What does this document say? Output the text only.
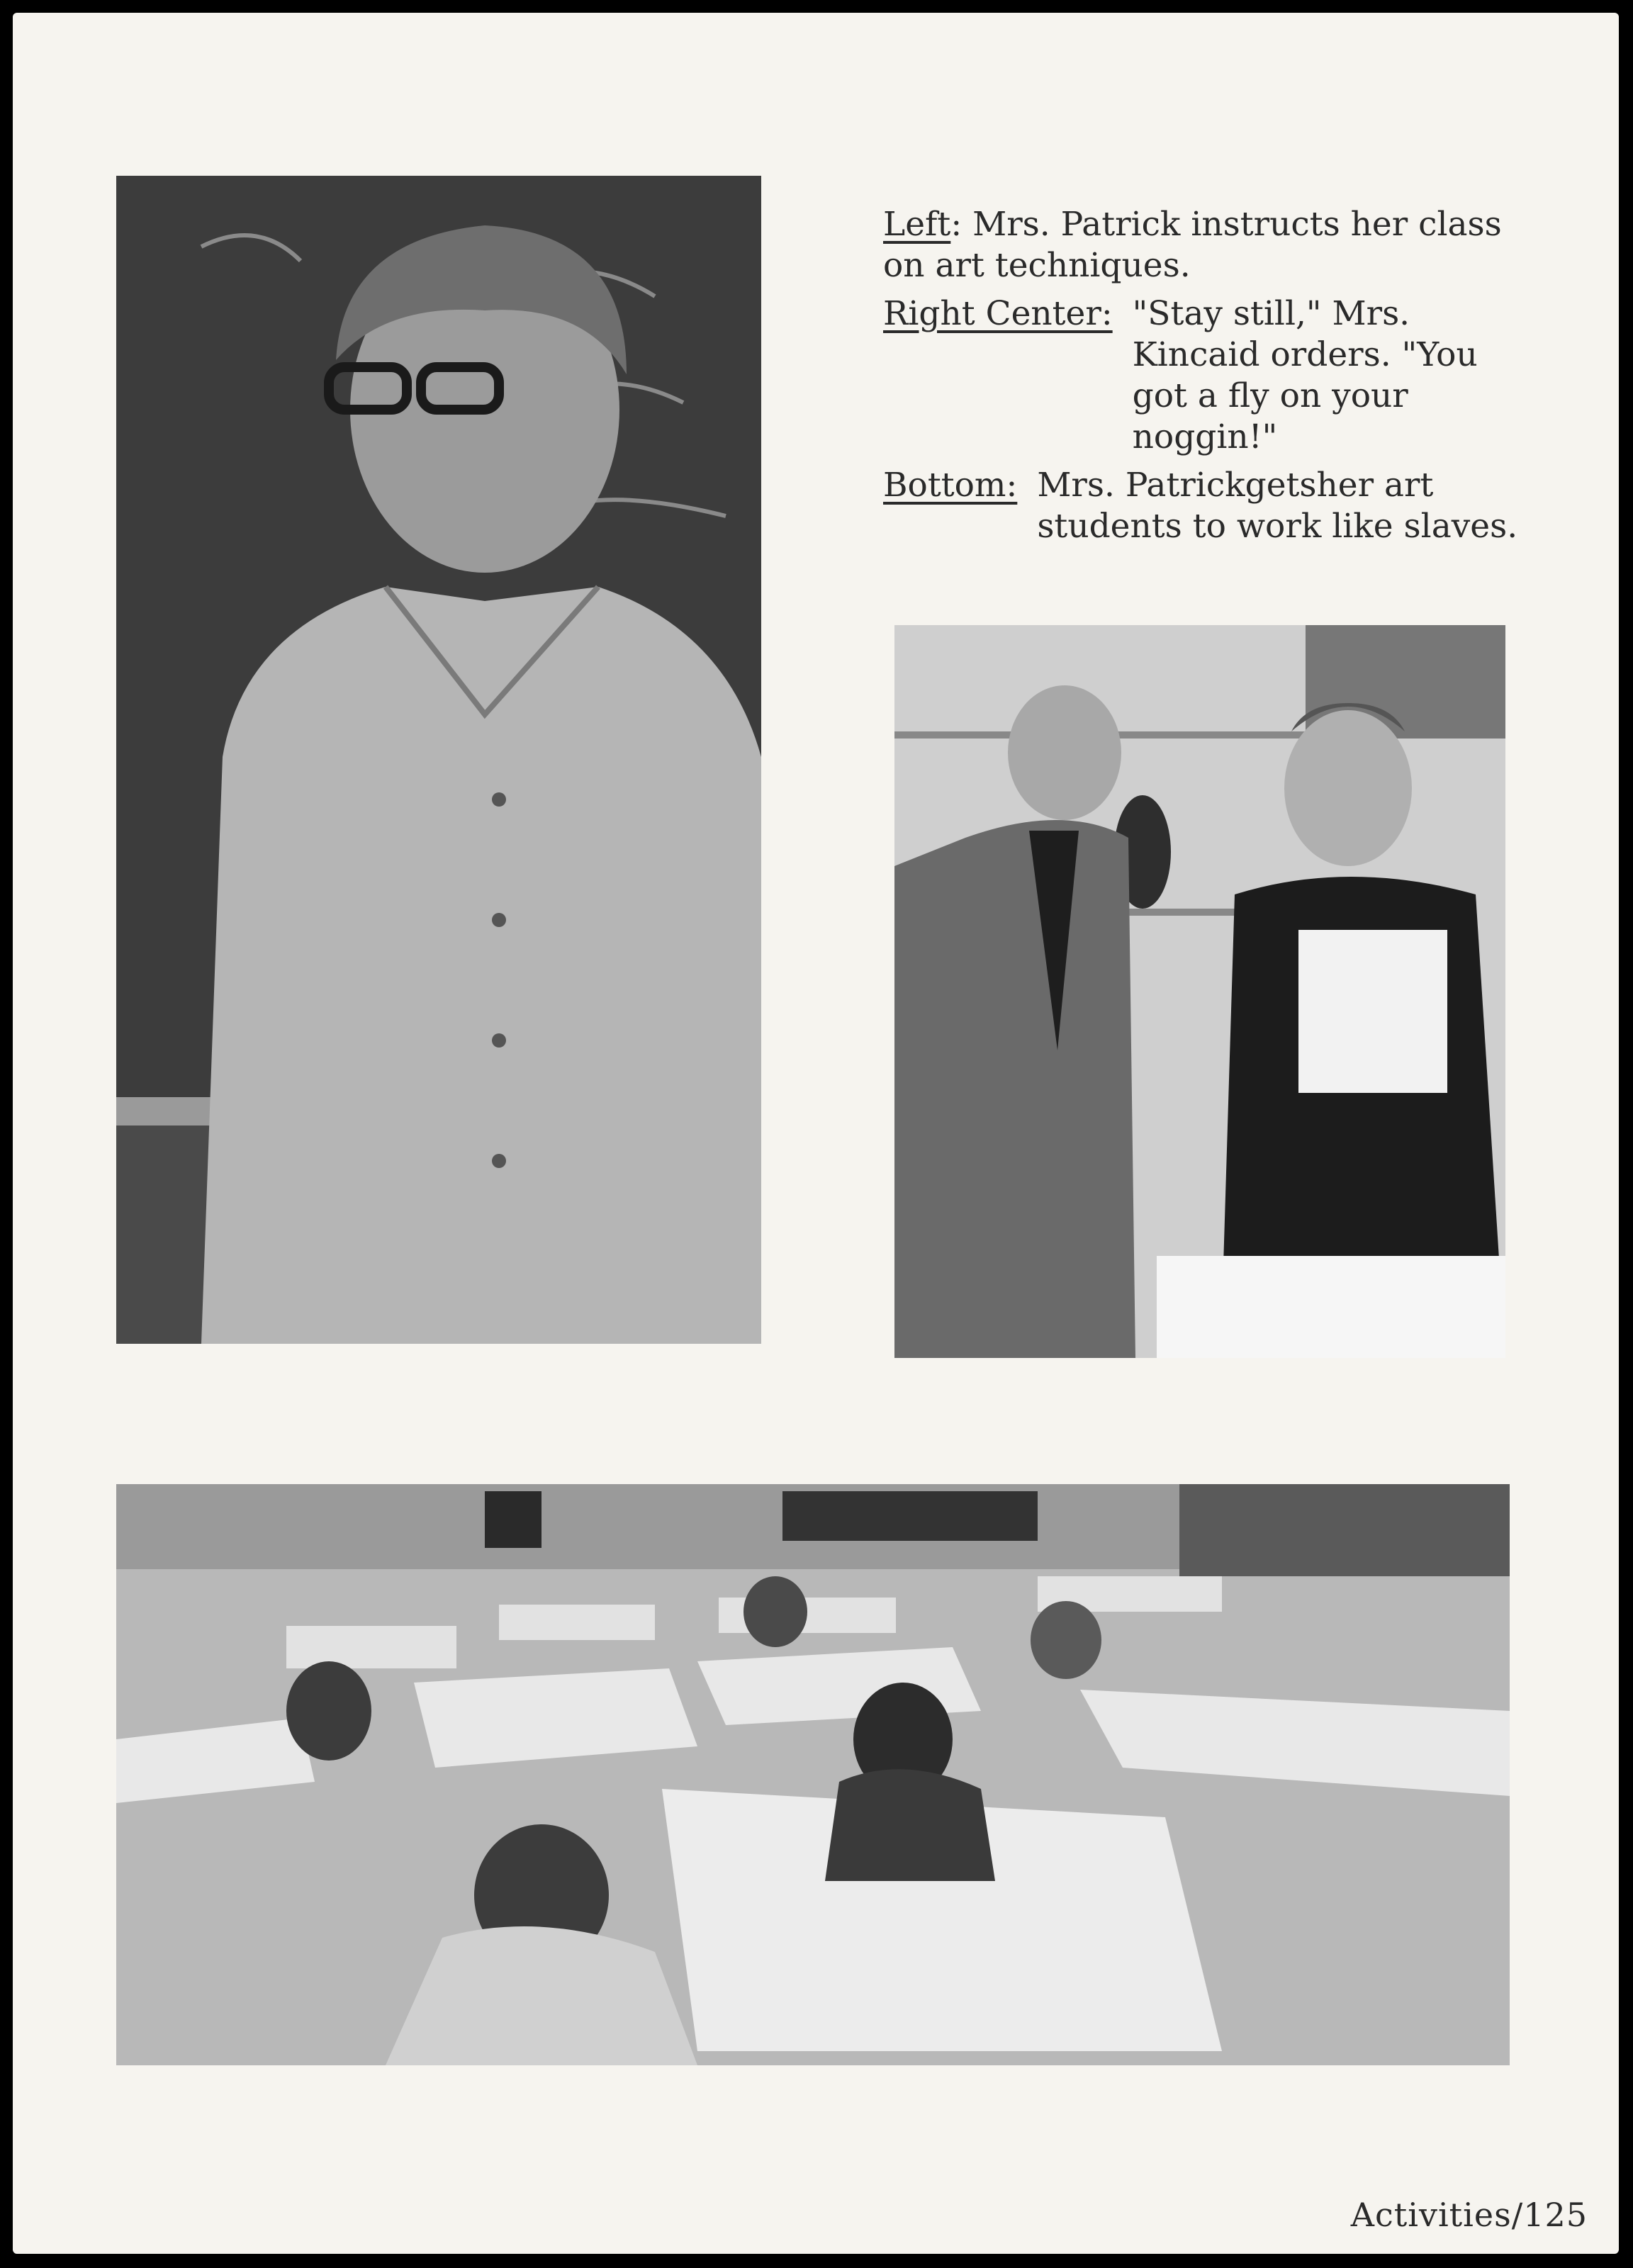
Left: Mrs. Patrick instructs her class on art techniques.
Right Center: "Stay still," Mrs. Kincaid orders. "You got a fly on your noggin!"
Bottom: Mrs. Patrickgetsher art students to work like slaves.
Activities/125
